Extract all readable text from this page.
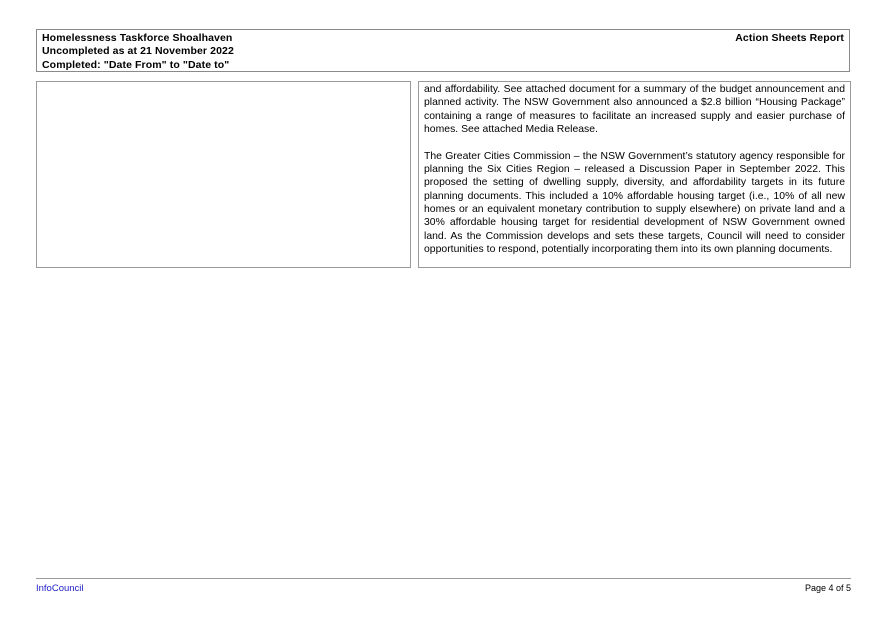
Homelessness Taskforce Shoalhaven
Uncompleted as at 21 November 2022
Completed: "Date From" to "Date to"
Action Sheets Report

and affordability. See attached document for a summary of the budget announcement and planned activity. The NSW Government also announced a $2.8 billion “Housing Package” containing a range of measures to facilitate an increased supply and easier purchase of homes. See attached Media Release.

The Greater Cities Commission – the NSW Government’s statutory agency responsible for planning the Six Cities Region – released a Discussion Paper in September 2022. This proposed the setting of dwelling supply, diversity, and affordability targets in its future planning documents. This included a 10% affordable housing target (i.e., 10% of all new homes or an equivalent monetary contribution to supply elsewhere) on private land and a 30% affordable housing target for residential development of NSW Government owned land. As the Commission develops and sets these targets, Council will need to consider opportunities to respond, potentially incorporating them into its own planning documents.

InfoCouncil	Page 4 of 5
